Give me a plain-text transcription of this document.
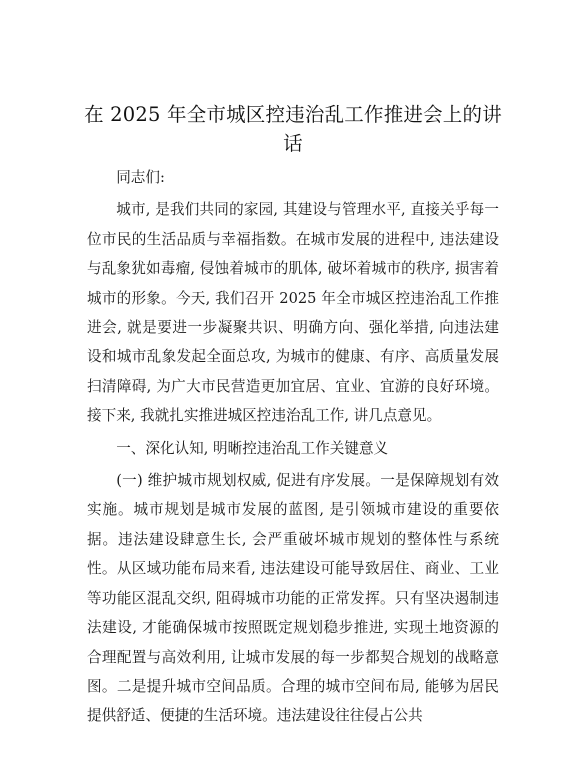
在 2025 年全市城区控违治乱工作推进会上的讲话

同志们:

城市, 是我们共同的家园, 其建设与管理水平, 直接关乎每一位市民的生活品质与幸福指数。在城市发展的进程中, 违法建设与乱象犹如毒瘤, 侵蚀着城市的肌体, 破坏着城市的秩序, 损害着城市的形象。今天, 我们召开 2025 年全市城区控违治乱工作推进会, 就是要进一步凝聚共识、明确方向、强化举措, 向违法建设和城市乱象发起全面总攻, 为城市的健康、有序、高质量发展扫清障碍, 为广大市民营造更加宜居、宜业、宜游的良好环境。接下来, 我就扎实推进城区控违治乱工作, 讲几点意见。

一、深化认知, 明晰控违治乱工作关键意义

(一) 维护城市规划权威, 促进有序发展。一是保障规划有效实施。城市规划是城市发展的蓝图, 是引领城市建设的重要依据。违法建设肆意生长, 会严重破坏城市规划的整体性与系统性。从区域功能布局来看, 违法建设可能导致居住、商业、工业等功能区混乱交织, 阻碍城市功能的正常发挥。只有坚决遏制违法建设, 才能确保城市按照既定规划稳步推进, 实现土地资源的合理配置与高效利用, 让城市发展的每一步都契合规划的战略意图。二是提升城市空间品质。合理的城市空间布局, 能够为居民提供舒适、便捷的生活环境。违法建设往往侵占公共
